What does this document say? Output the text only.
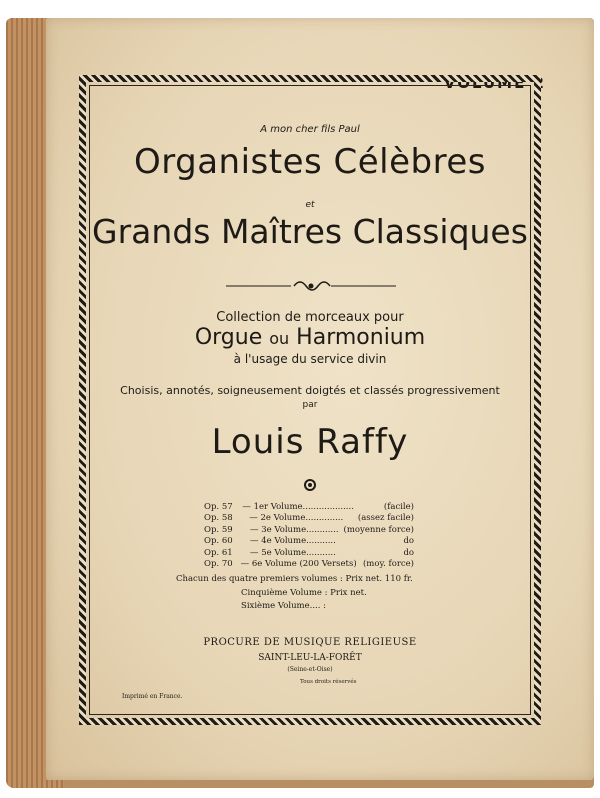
VOLUME 2
A mon cher fils Paul
Organistes Célèbres
et
Grands Maîtres Classiques
Collection de morceaux pour
Orgue ou Harmonium
à l'usage du service divin
Choisis, annotés, soigneusement doigtés et classés progressivement
par
Louis Raffy
Op. 57	— 1er Volume...................	(facile)
Op. 58	— 2e Volume..............	(assez facile)
Op. 59	— 3e Volume............ (moyenne force)
Op. 60	— 4e Volume...........	do
Op. 61	— 5e Volume...........	do
Op. 70 — 6e Volume (200 Versets) (moy. force)
Chacun des quatre premiers volumes : Prix net. 110 fr.
Cinquième Volume : Prix net.
Sixième Volume.... :
PROCURE DE MUSIQUE RELIGIEUSE
SAINT-LEU-LA-FORÊT
(Seine-et-Oise)
Tous droits réservés
Imprimé en France.
